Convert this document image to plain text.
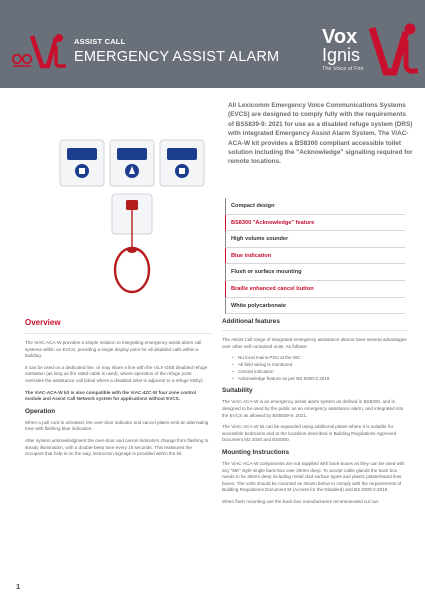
ASSIST CALL
EMERGENCY ASSIST ALARM
Vox
Ignis
The Voice of Fire
All Lexicomm Emergency Voice Communications Systems (EVCS) are designed to comply fully with the requirements of BS5839-9: 2021 for use as a disabled refuge system (DRS) with integrated Emergency Assist Alarm System. The ViAC-ACA-W kit provides a BS8300 compliant accessible toilet solution including the "Acknowledge" signalling required for remote locations.
Compact design
BS8300 "Acknowledge" feature
High volume sounder
Blue indication
Flush or surface mounting
Braille enhanced cancel button
White polycarbonate
Overview
The ViAC-ACA-W provides a simple solution to integrating emergency assist alarm call systems within an EVCS, providing a single display point for all disabled calls within a building.
It can be used on a dedicated line, or may share a line with the ViLX-OSB disabled refuge outstation (as long as fire rated cable is used), where operation of the refuge point overrides the assistance call (ideal where a disabled toilet is adjacent to a refuge lobby).
The ViAC-ACA-W kit is also compatible with the ViAC-4ZC-W four zone control module and Assist Call Network system for applications without EVCS.
Operation
When a pull cord is activated, the over-door indicator and cancel plates emit an alternating tone with flashing blue indication.
After system acknowledgment the over-door and cancel indicators change from flashing to steady illumination, with a double-beep tone every 15 seconds. This reassures the occupant that help is on the way, instruction signage is provided within the kit.
Additional features
The Assist Call range of integrated emergency assistance alarms have several advantages over other self contained units. As follows:
• No local mains PSU at the WC
• All field wiring is monitored
• Central indication
• Acknowledge feature as per BS 8300-2:2018
Suitability
The ViAC-ACA-W is an emergency assist alarm system as defined in BS8300, and is designed to be used by the public as an emergency assistance alarm, and integrated into the EVCS as allowed by BS5839-9: 2021.
The ViAC-ACA-W kit can be expanded using additional plates where it is suitable for accessible bedrooms and at the locations described in Building Regulations Approved Document M2 2020 and BS8300.
Mounting Instructions
The ViAC-ACA-W components are not supplied with back-boxes as they can be used with any "MK" style single back-box over 25mm deep. To accept cable glands the back box needs to be 35mm deep including metal clad surface types and plastic plasterboard liner boxes. The units should be mounted as shown below to comply with the requirements of Building Regulations Document M (Access for the Disabled) and BS 8300-2:2018.
When flush mounting use the back-box manufacturers recommended cut out.
1
